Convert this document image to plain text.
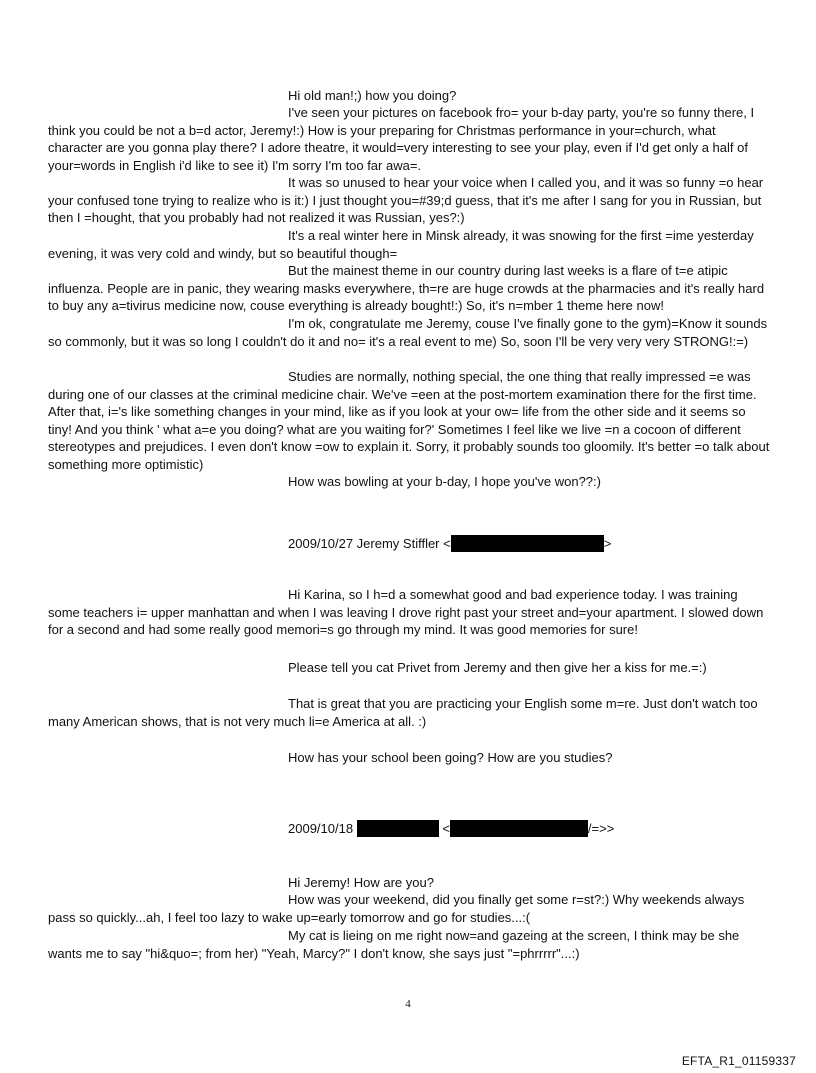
Hi old man!;) how you doing?

I've seen your pictures on facebook fro= your b-day party, you're so funny there, I think you could be not a b=d actor, Jeremy!:) How is your preparing for Christmas performance in your=church, what character are you gonna play there? I adore theatre, it would=very interesting to see your play, even if I'd get only a half of your=words in English i'd like to see it) I'm sorry I'm too far awa=.

It was so unused to hear your voice when I called you, and it was so funny =o hear your confused tone trying to realize who is it:) I just thought you=#39;d guess, that it's me after I sang for you in Russian, but then I =hought, that you probably had not realized it was Russian, yes?:)

It's a real winter here in Minsk already, it was snowing for the first =ime yesterday evening, it was very cold and windy, but so beautiful though=

But the mainest theme in our country during last weeks is a flare of t=e atipic influenza. People are in panic, they wearing masks everywhere, th=re are huge crowds at the pharmacies and it's really hard to buy any a=tivirus medicine now, couse everything is already bought!:) So, it's n=mber 1 theme here now!

I'm ok, congratulate me Jeremy, couse I've finally gone to the gym)=Know it sounds so commonly, but it was so long I couldn't do it and no= it's a real event to me) So, soon I'll be very very very STRONG!:=)

Studies are normally, nothing special, the one thing that really impressed =e was during one of our classes at the criminal medicine chair. We've =een at the post-mortem examination there for the first time. After that, i='s like something changes in your mind, like as if you look at your ow= life from the other side and it seems so tiny! And you think ' what a=e you doing? what are you waiting for?' Sometimes I feel like we live =n a cocoon of different stereotypes and prejudices. I even don't know =ow to explain it. Sorry, it probably sounds too gloomily. It's better =o talk about something more optimistic)

How was bowling at your b-day, I hope you've won??:)

2009/10/27 Jeremy Stiffler <	>

Hi Karina, so I h=d a somewhat good and bad experience today. I was training some teachers i= upper manhattan and when I was leaving I drove right past your street and=your apartment. I slowed down for a second and had some really good memori=s go through my mind. It was good memories for sure!

Please tell you cat Privet from Jeremy and then give her a kiss for me.=:)

That is great that you are practicing your English some m=re. Just don't watch too many American shows, that is not very much li=e America at all. :)

How has your school been going? How are you studies?

2009/10/18	<	/=>>

Hi Jeremy! How are you?

How was your weekend, did you finally get some r=st?:) Why weekends always pass so quickly...ah, I feel too lazy to wake up=early tomorrow and go for studies...:(

My cat is lieing on me right now=and gazeing at the screen, I think may be she wants me to say "hi&quo=; from her) "Yeah, Marcy?" I don't know, she says just "=phrrrrr"...:)

4
EFTA_R1_01159337
